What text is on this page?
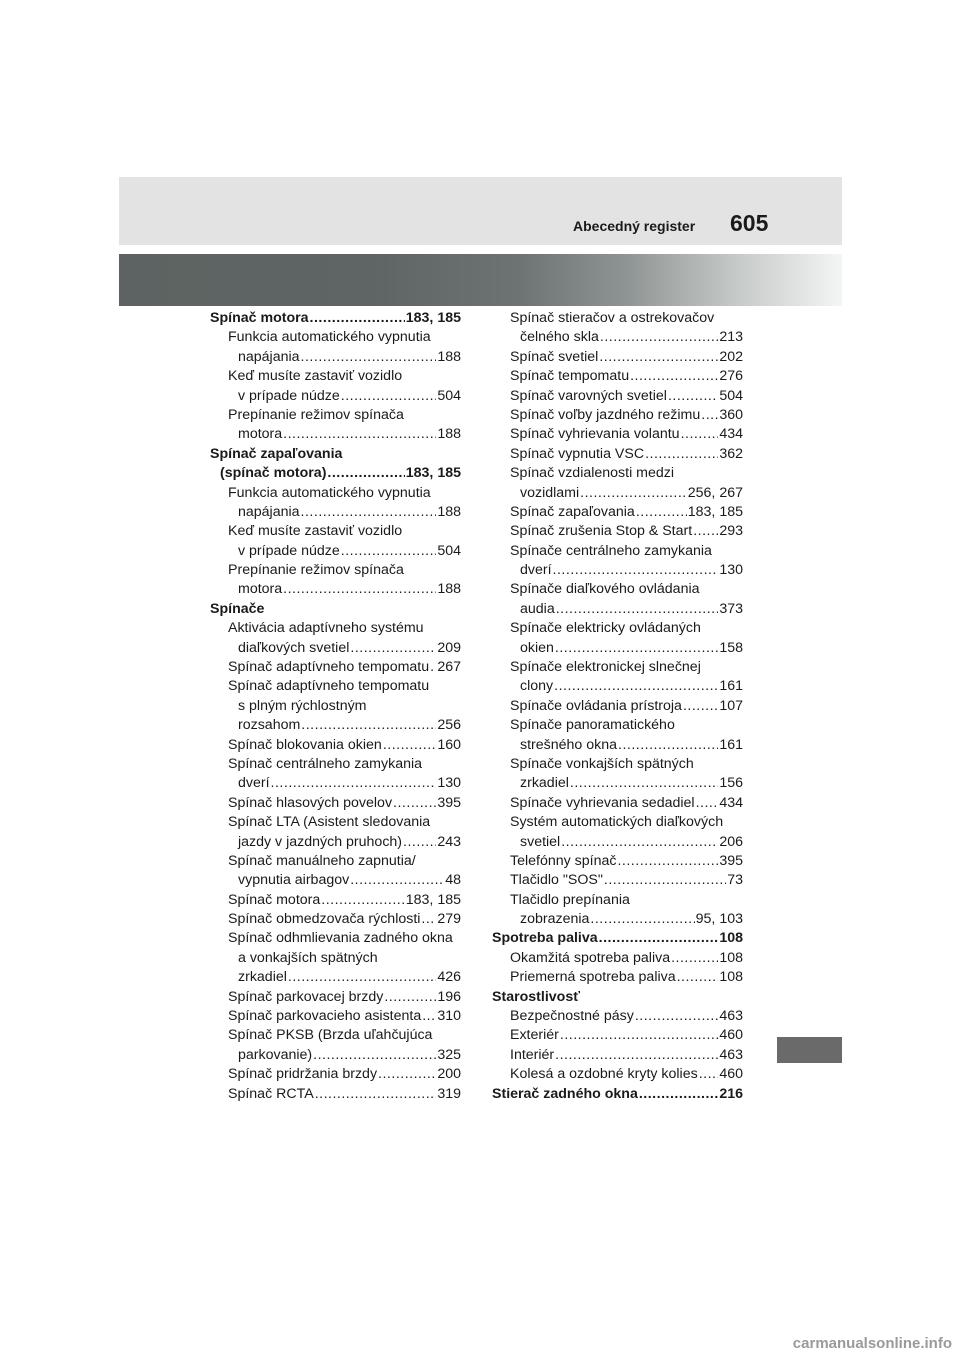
Abecedný register 605
Spínač motora .....	183, 185
Funkcia automatického vypnutia
napájania .....	188
Keď musíte zastaviť vozidlo
v prípade núdze .....	504
Prepínanie režimov spínača
motora .....	188
Spínač zapaľovania
(spínač motora) .....	183, 185
Funkcia automatického vypnutia
napájania .....	188
Keď musíte zastaviť vozidlo
v prípade núdze .....	504
Prepínanie režimov spínača
motora .....	188
Spínače
Aktivácia adaptívneho systému
diaľkových svetiel .....	209
Spínač adaptívneho tempomatu ..... 267
Spínač adaptívneho tempomatu
s plným rýchlostným
rozsahom .....	256
Spínač blokovania okien .....	160
Spínač centrálneho zamykania
dverí .....	130
Spínač hlasových povelov .....	395
Spínač LTA (Asistent sledovania
jazdy v jazdných pruhoch) ..... 243
Spínač manuálneho zapnutia/
vypnutia airbagov .....	48
Spínač motora .....	183, 185
Spínač obmedzovača rýchlosti ..... 279
Spínač odhmlievania zadného okna
a vonkajších spätných
zrkadiel .....	426
Spínač parkovacej brzdy .....	196
Spínač parkovacieho asistenta ..... 310
Spínač PKSB (Brzda uľahčujúca
parkovanie) .....	325
Spínač pridržania brzdy .....	200
Spínač RCTA .....	319
Spínač stieračov a ostrekovačov
čelného skla .....	213
Spínač svetiel .....	202
Spínač tempomatu .....	276
Spínač varovných svetiel .....	504
Spínač voľby jazdného režimu ..... 360
Spínač vyhrievania volantu .....	434
Spínač vypnutia VSC .....	362
Spínač vzdialenosti medzi
vozidlami .....	256, 267
Spínač zapaľovania .....	183, 185
Spínač zrušenia Stop & Start ..... 293
Spínače centrálneho zamykania
dverí .....	130
Spínače diaľkového ovládania
audia .....	373
Spínače elektricky ovládaných
okien .....	158
Spínače elektronickej slnečnej
clony .....	161
Spínače ovládania prístroja .....	107
Spínače panoramatického
strešného okna .....	161
Spínače vonkajších spätných
zrkadiel .....	156
Spínače vyhrievania sedadiel ..... 434
Systém automatických diaľkových
svetiel .....	206
Telefónny spínač .....	395
Tlačidlo "SOS" .....	73
Tlačidlo prepínania
zobrazenia .....	95, 103
Spotreba paliva .....	108
Okamžitá spotreba paliva .....	108
Priemerná spotreba paliva .....	108
Starostlivosť
Bezpečnostné pásy .....	463
Exteriér .....	460
Interiér .....	463
Kolesá a ozdobné kryty kolies ..... 460
Stierač zadného okna .....	216
carmanualsonline.info
